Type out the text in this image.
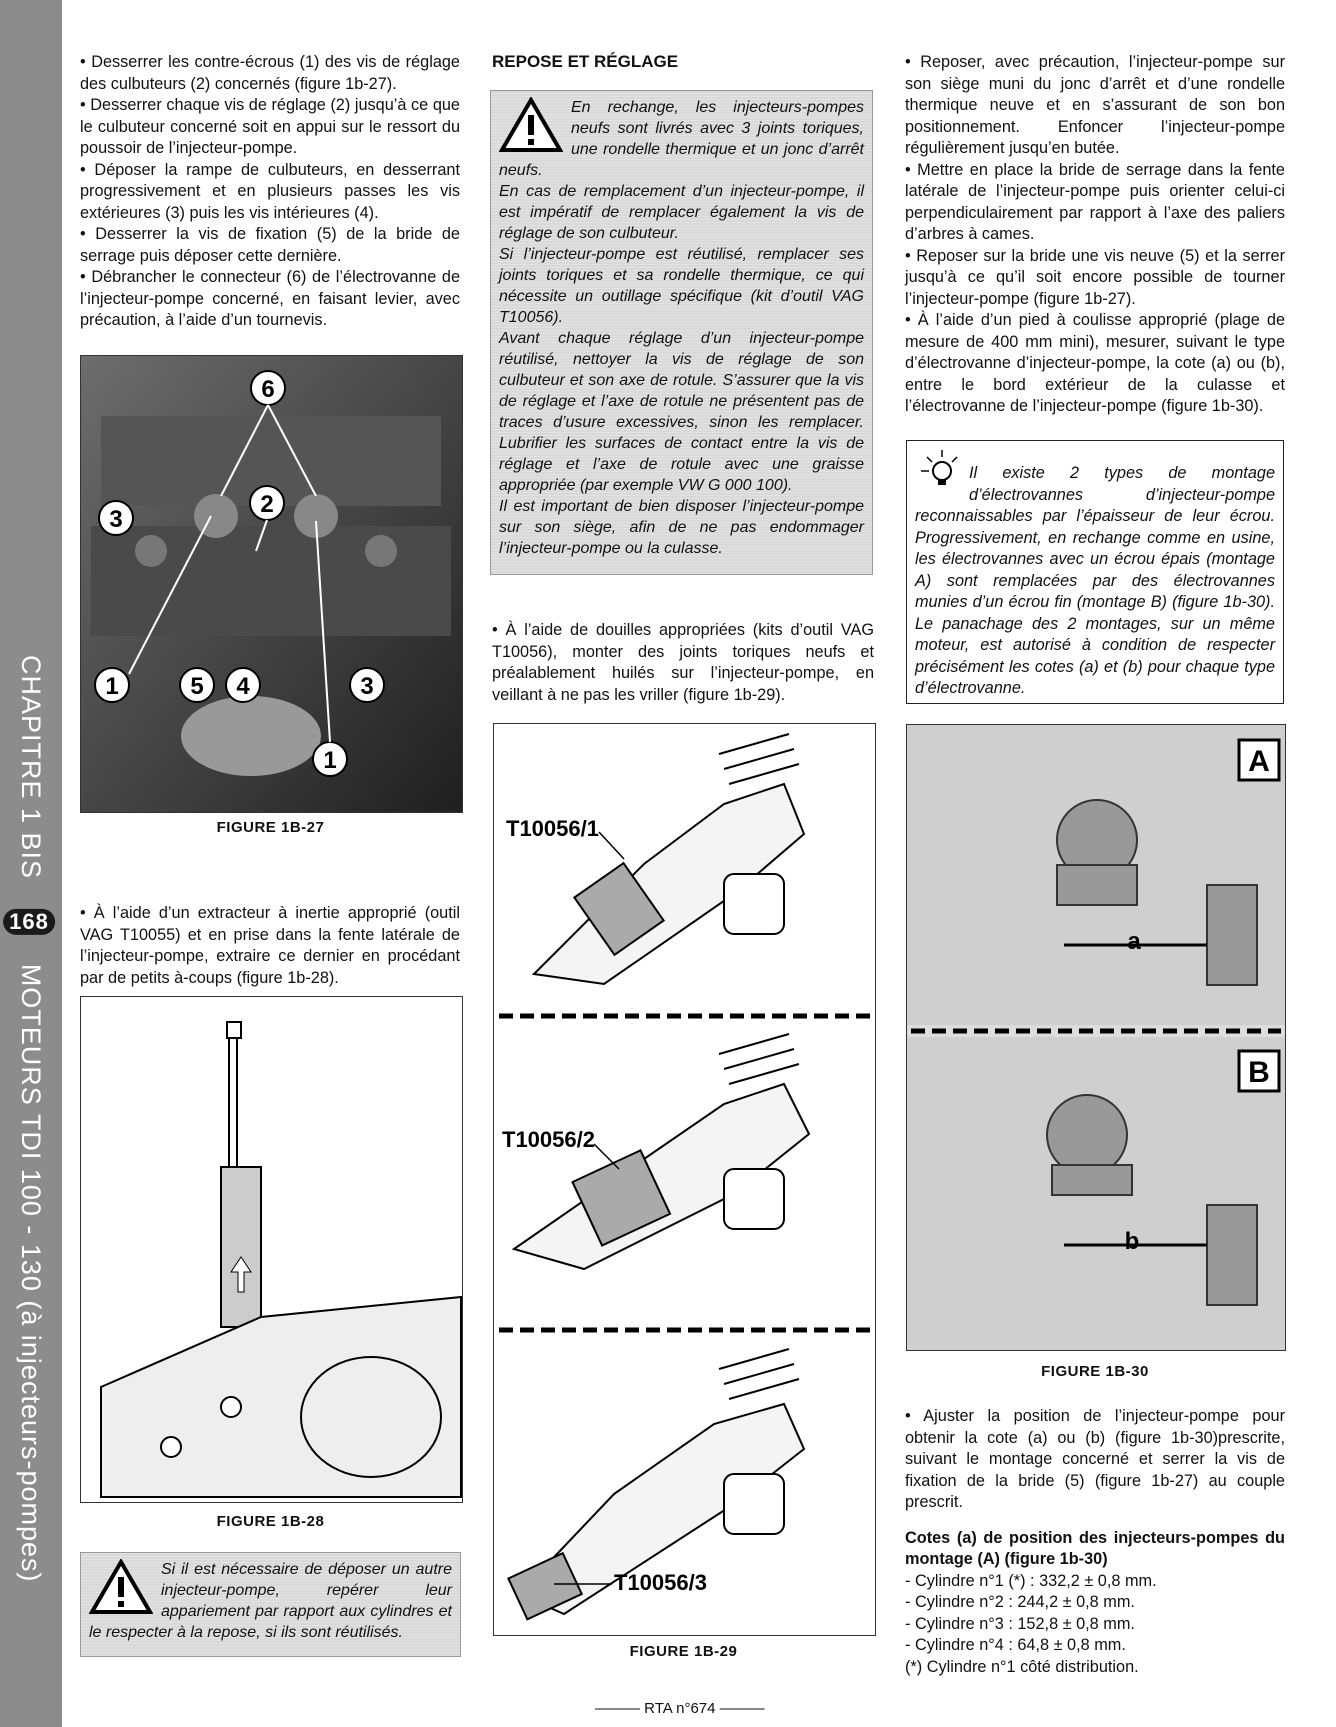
CHAPITRE 1 BIS 168 MOTEURS TDI 100 - 130 (à injecteurs-pompes)

• Desserrer les contre-écrous (1) des vis de réglage des culbuteurs (2) concernés (figure 1b-27).

• Desserrer chaque vis de réglage (2) jusqu’à ce que le culbuteur concerné soit en appui sur le ressort du poussoir de l’injecteur-pompe.

• Déposer la rampe de culbuteurs, en desserrant progressivement et en plusieurs passes les vis extérieures (3) puis les vis intérieures (4).

• Desserrer la vis de fixation (5) de la bride de serrage puis déposer cette dernière.

• Débrancher le connecteur (6) de l’électrovanne de l’injecteur-pompe concerné, en faisant levier, avec précaution, à l’aide d’un tournevis.

6
2
3
1	5 4	3
1
FIGURE 1B-27

• À l’aide d’un extracteur à inertie approprié (outil VAG T10055) et en prise dans la fente latérale de l’injecteur-pompe, extraire ce dernier en procédant par de petits à-coups (figure 1b-28).

FIGURE 1B-28

Si il est nécessaire de déposer un autre injecteur-pompe, repérer leur appariement par rapport aux cylindres et le respecter à la repose, si ils sont réutilisés.

REPOSE ET RÉGLAGE

En rechange, les injecteurs-pompes neufs sont livrés avec 3 joints toriques, une rondelle thermique et un jonc d’arrêt neufs.

En cas de remplacement d’un injecteur-pompe, il est impératif de remplacer également la vis de réglage de son culbuteur.

Si l’injecteur-pompe est réutilisé, remplacer ses joints toriques et sa rondelle thermique, ce qui nécessite un outillage spécifique (kit d’outil VAG T10056).

Avant chaque réglage d’un injecteur-pompe réutilisé, nettoyer la vis de réglage de son culbuteur et son axe de rotule. S’assurer que la vis de réglage et l’axe de rotule ne présentent pas de traces d’usure excessives, sinon les remplacer. Lubrifier les surfaces de contact entre la vis de réglage et l’axe de rotule avec une graisse appropriée (par exemple VW G 000 100).

Il est important de bien disposer l’injecteur-pompe sur son siège, afin de ne pas endommager l’injecteur-pompe ou la culasse.

• À l’aide de douilles appropriées (kits d’outil VAG T10056), monter des joints toriques neufs et préalablement huilés sur l’injecteur-pompe, en veillant à ne pas les vriller (figure 1b-29).

T10056/1
T10056/2
T10056/3
FIGURE 1B-29

• Reposer, avec précaution, l’injecteur-pompe sur son siège muni du jonc d’arrêt et d’une rondelle thermique neuve et en s’assurant de son bon positionnement. Enfoncer l’injecteur-pompe régulièrement jusqu’en butée.

• Mettre en place la bride de serrage dans la fente latérale de l’injecteur-pompe puis orienter celui-ci perpendiculairement par rapport à l’axe des paliers d’arbres à cames.

• Reposer sur la bride une vis neuve (5) et la serrer jusqu’à ce qu’il soit encore possible de tourner l’injecteur-pompe (figure 1b-27).

• À l’aide d’un pied à coulisse approprié (plage de mesure de 400 mm mini), mesurer, suivant le type d’électrovanne d’injecteur-pompe, la cote (a) ou (b), entre le bord extérieur de la culasse et l’électrovanne de l’injecteur-pompe (figure 1b-30).

Il existe 2 types de montage d’électrovannes d’injecteur-pompe reconnaissables par l’épaisseur de leur écrou. Progressivement, en rechange comme en usine, les électrovannes avec un écrou épais (montage A) sont remplacées par des électrovannes munies d’un écrou fin (montage B) (figure 1b-30). Le panachage des 2 montages, sur un même moteur, est autorisé à condition de respecter précisément les cotes (a) et (b) pour chaque type d’électrovanne.

A
a
B
b
FIGURE 1B-30

• Ajuster la position de l’injecteur-pompe pour obtenir la cote (a) ou (b) (figure 1b-30)prescrite, suivant le montage concerné et serrer la vis de fixation de la bride (5) (figure 1b-27) au couple prescrit.

Cotes (a) de position des injecteurs-pompes du montage (A) (figure 1b-30)

- Cylindre n°1 (*) : 332,2 ± 0,8 mm.

- Cylindre n°2 : 244,2 ± 0,8 mm.

- Cylindre n°3 : 152,8 ± 0,8 mm.

- Cylindre n°4 : 64,8 ± 0,8 mm.

(*) Cylindre n°1 côté distribution.

——— RTA n°674 ———
